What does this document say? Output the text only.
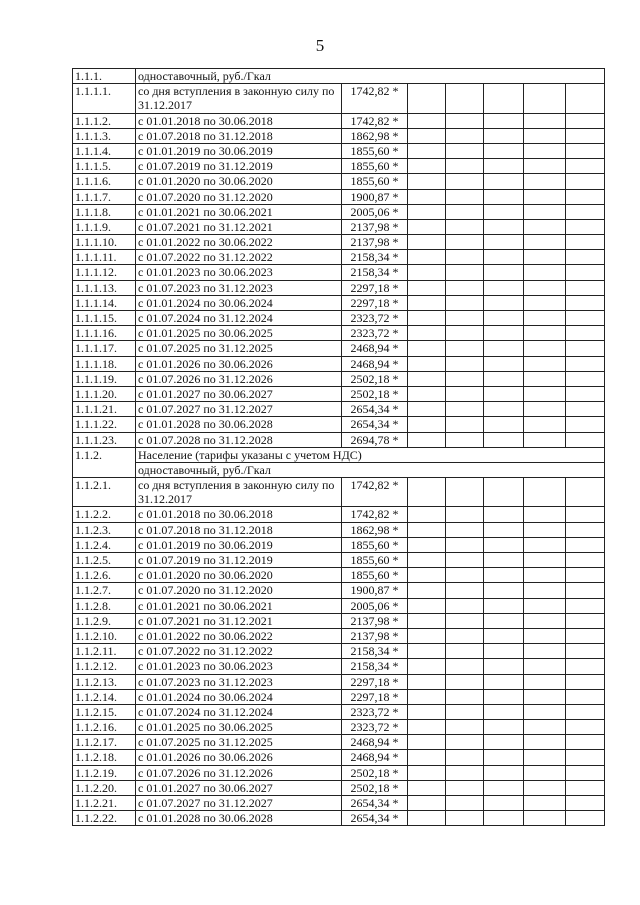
5
1.1.1.	одноставочный, руб./Гкал						
1.1.1.1.	со дня вступления в законную силу по 31.12.2017	1742,82 *					
1.1.1.2.	с 01.01.2018 по 30.06.2018	1742,82 *					
1.1.1.3.	с 01.07.2018 по 31.12.2018	1862,98 *					
1.1.1.4.	с 01.01.2019 по 30.06.2019	1855,60 *					
1.1.1.5.	с 01.07.2019 по 31.12.2019	1855,60 *					
1.1.1.6.	с 01.01.2020 по 30.06.2020	1855,60 *					
1.1.1.7.	с 01.07.2020 по 31.12.2020	1900,87 *					
1.1.1.8.	с 01.01.2021 по 30.06.2021	2005,06 *					
1.1.1.9.	с 01.07.2021 по 31.12.2021	2137,98 *					
1.1.1.10.	с 01.01.2022 по 30.06.2022	2137,98 *					
1.1.1.11.	с 01.07.2022 по 31.12.2022	2158,34 *					
1.1.1.12.	с 01.01.2023 по 30.06.2023	2158,34 *					
1.1.1.13.	с 01.07.2023 по 31.12.2023	2297,18 *					
1.1.1.14.	с 01.01.2024 по 30.06.2024	2297,18 *					
1.1.1.15.	с 01.07.2024 по 31.12.2024	2323,72 *					
1.1.1.16.	с 01.01.2025 по 30.06.2025	2323,72 *					
1.1.1.17.	с 01.07.2025 по 31.12.2025	2468,94 *					
1.1.1.18.	с 01.01.2026 по 30.06.2026	2468,94 *					
1.1.1.19.	с 01.07.2026 по 31.12.2026	2502,18 *					
1.1.1.20.	с 01.01.2027 по 30.06.2027	2502,18 *					
1.1.1.21.	с 01.07.2027 по 31.12.2027	2654,34 *					
1.1.1.22.	с 01.01.2028 по 30.06.2028	2654,34 *					
1.1.1.23.	с 01.07.2028 по 31.12.2028	2694,78 *					
1.1.2.	Население (тарифы указаны с учетом НДС)						
	одноставочный, руб./Гкал						
1.1.2.1.	со дня вступления в законную силу по 31.12.2017	1742,82 *					
1.1.2.2.	с 01.01.2018 по 30.06.2018	1742,82 *					
1.1.2.3.	с 01.07.2018 по 31.12.2018	1862,98 *					
1.1.2.4.	с 01.01.2019 по 30.06.2019	1855,60 *					
1.1.2.5.	с 01.07.2019 по 31.12.2019	1855,60 *					
1.1.2.6.	с 01.01.2020 по 30.06.2020	1855,60 *					
1.1.2.7.	с 01.07.2020 по 31.12.2020	1900,87 *					
1.1.2.8.	с 01.01.2021 по 30.06.2021	2005,06 *					
1.1.2.9.	с 01.07.2021 по 31.12.2021	2137,98 *					
1.1.2.10.	с 01.01.2022 по 30.06.2022	2137,98 *					
1.1.2.11.	с 01.07.2022 по 31.12.2022	2158,34 *					
1.1.2.12.	с 01.01.2023 по 30.06.2023	2158,34 *					
1.1.2.13.	с 01.07.2023 по 31.12.2023	2297,18 *					
1.1.2.14.	с 01.01.2024 по 30.06.2024	2297,18 *					
1.1.2.15.	с 01.07.2024 по 31.12.2024	2323,72 *					
1.1.2.16.	с 01.01.2025 по 30.06.2025	2323,72 *					
1.1.2.17.	с 01.07.2025 по 31.12.2025	2468,94 *					
1.1.2.18.	с 01.01.2026 по 30.06.2026	2468,94 *					
1.1.2.19.	с 01.07.2026 по 31.12.2026	2502,18 *					
1.1.2.20.	с 01.01.2027 по 30.06.2027	2502,18 *					
1.1.2.21.	с 01.07.2027 по 31.12.2027	2654,34 *					
1.1.2.22.	с 01.01.2028 по 30.06.2028	2654,34 *					
